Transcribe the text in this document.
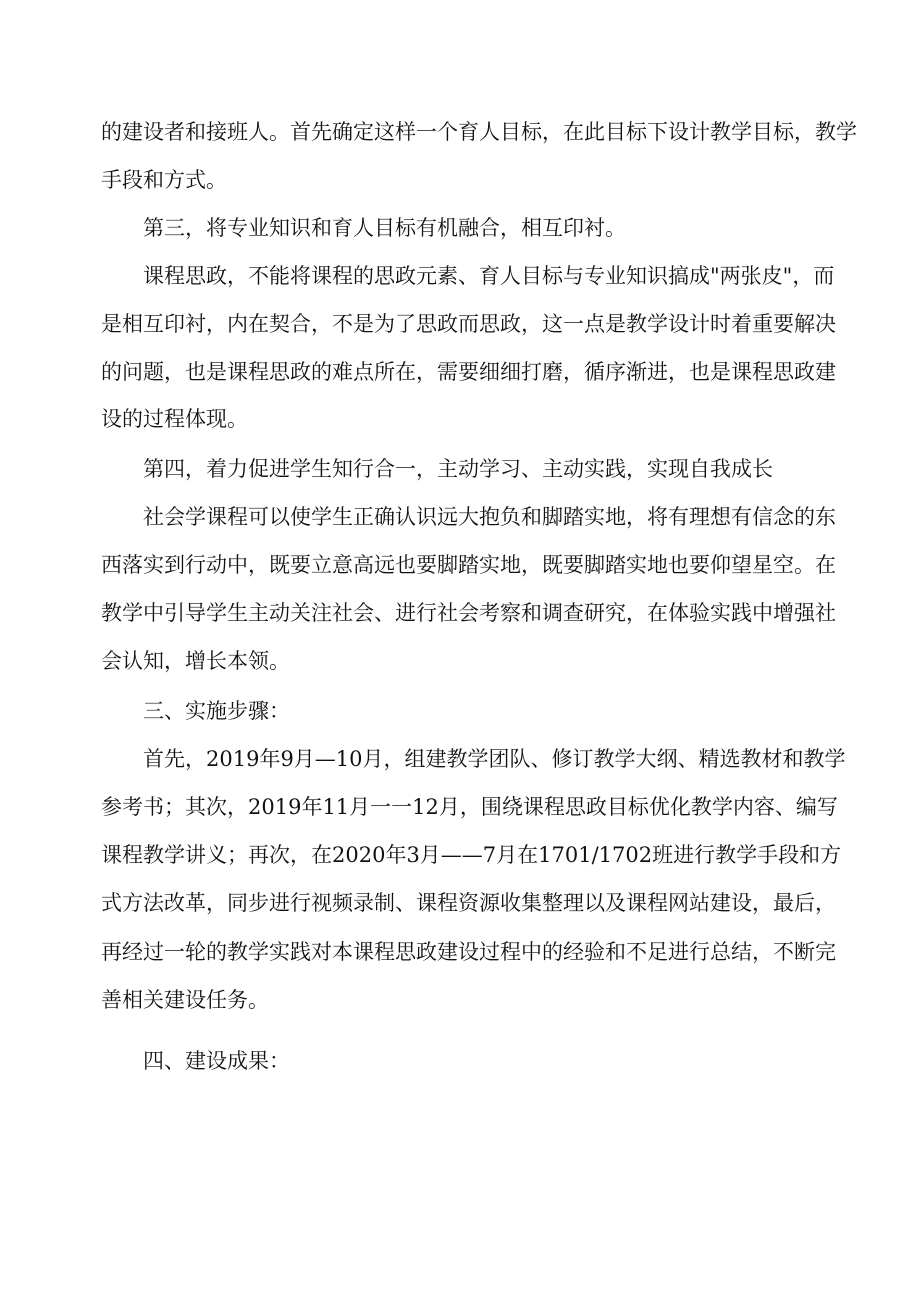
的建设者和接班人。首先确定这样一个育人目标，在此目标下设计教学目标，教学
手段和方式。
第三，将专业知识和育人目标有机融合，相互印衬。
课程思政，不能将课程的思政元素、育人目标与专业知识搞成"两张皮"，而
是相互印衬，内在契合，不是为了思政而思政，这一点是教学设计时着重要解决
的问题，也是课程思政的难点所在，需要细细打磨，循序渐进，也是课程思政建
设的过程体现。
第四，着力促进学生知行合一，主动学习、主动实践，实现自我成长
社会学课程可以使学生正确认识远大抱负和脚踏实地，将有理想有信念的东
西落实到行动中，既要立意高远也要脚踏实地，既要脚踏实地也要仰望星空。在
教学中引导学生主动关注社会、进行社会考察和调查研究，在体验实践中增强社
会认知，增长本领。
三、实施步骤：
首先，2019年9月—10月，组建教学团队、修订教学大纲、精选教材和教学
参考书；其次，2019年11月一一12月，围绕课程思政目标优化教学内容、编写
课程教学讲义；再次，在2020年3月——7月在1701/1702班进行教学手段和方
式方法改革，同步进行视频录制、课程资源收集整理以及课程网站建设，最后，
再经过一轮的教学实践对本课程思政建设过程中的经验和不足进行总结，不断完
善相关建设任务。
四、建设成果：
